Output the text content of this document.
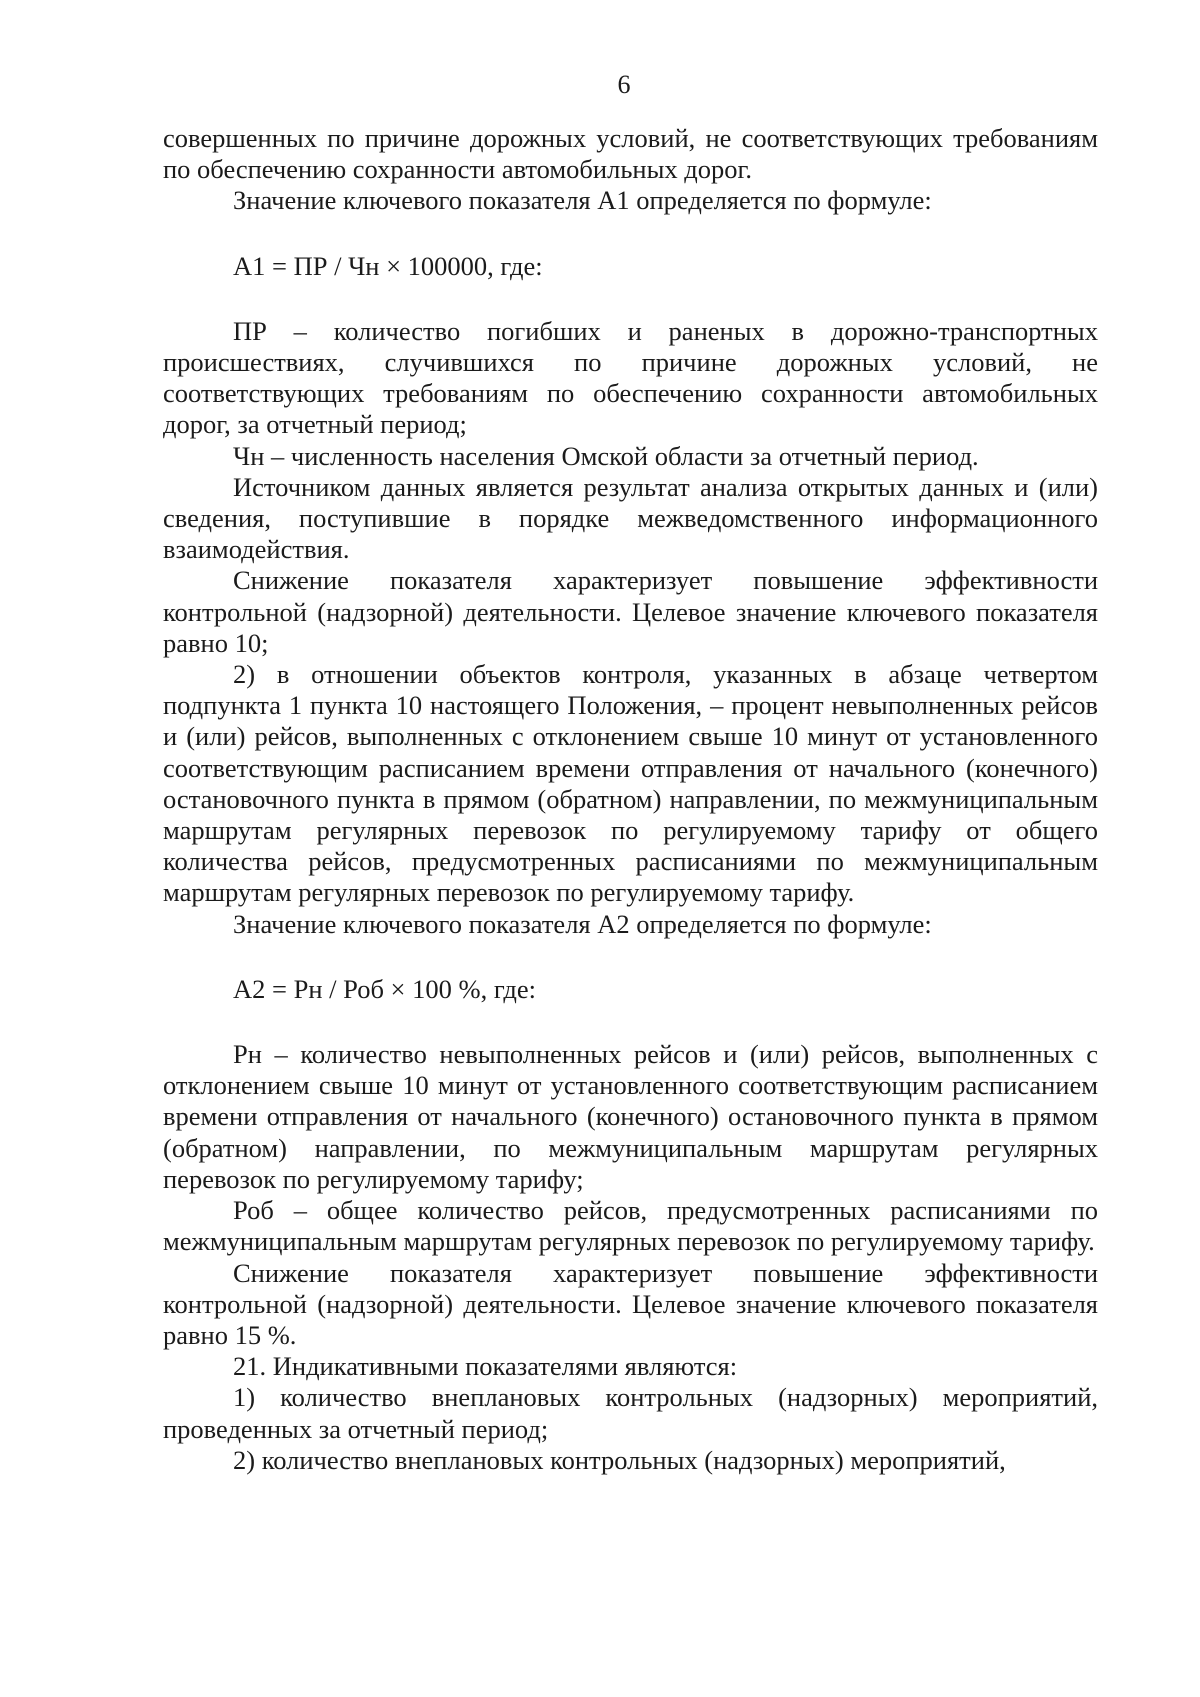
6

совершенных по причине дорожных условий, не соответствующих требованиям по обеспечению сохранности автомобильных дорог.

Значение ключевого показателя А1 определяется по формуле:

А1 = ПР / Чн × 100000, где:

ПР – количество погибших и раненых в дорожно-транспортных происшествиях, случившихся по причине дорожных условий, не соответствующих требованиям по обеспечению сохранности автомобильных дорог, за отчетный период;

Чн – численность населения Омской области за отчетный период.

Источником данных является результат анализа открытых данных и (или) сведения, поступившие в порядке межведомственного информационного взаимодействия.

Снижение показателя характеризует повышение эффективности контрольной (надзорной) деятельности. Целевое значение ключевого показателя равно 10;

2) в отношении объектов контроля, указанных в абзаце четвертом подпункта 1 пункта 10 настоящего Положения, – процент невыполненных рейсов и (или) рейсов, выполненных с отклонением свыше 10 минут от установленного соответствующим расписанием времени отправления от начального (конечного) остановочного пункта в прямом (обратном) направлении, по межмуниципальным маршрутам регулярных перевозок по регулируемому тарифу от общего количества рейсов, предусмотренных расписаниями по межмуниципальным маршрутам регулярных перевозок по регулируемому тарифу.

Значение ключевого показателя А2 определяется по формуле:

А2 = Рн / Роб × 100 %, где:

Рн – количество невыполненных рейсов и (или) рейсов, выполненных с отклонением свыше 10 минут от установленного соответствующим расписанием времени отправления от начального (конечного) остановочного пункта в прямом (обратном) направлении, по межмуниципальным маршрутам регулярных перевозок по регулируемому тарифу;

Роб – общее количество рейсов, предусмотренных расписаниями по межмуниципальным маршрутам регулярных перевозок по регулируемому тарифу.

Снижение показателя характеризует повышение эффективности контрольной (надзорной) деятельности. Целевое значение ключевого показателя равно 15 %.

21. Индикативными показателями являются:

1) количество внеплановых контрольных (надзорных) мероприятий, проведенных за отчетный период;

2) количество внеплановых контрольных (надзорных) мероприятий,
